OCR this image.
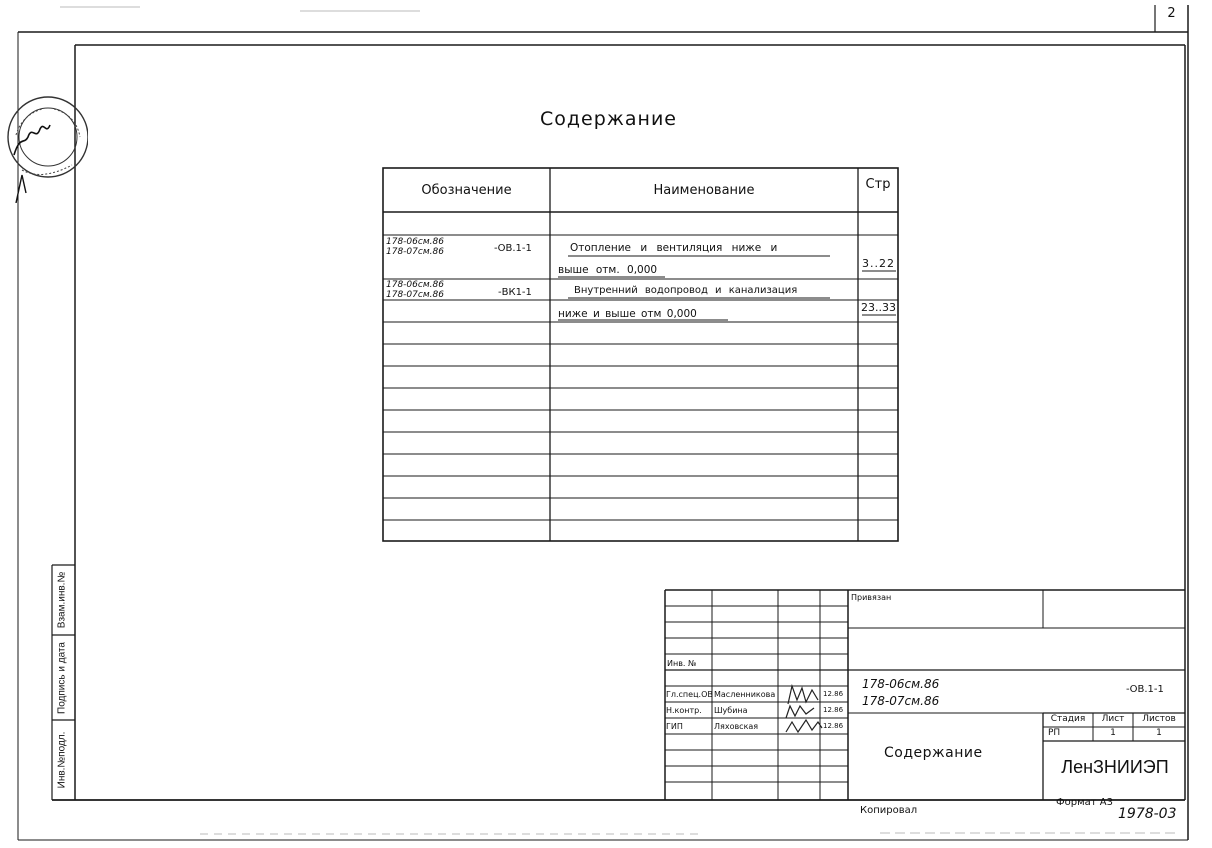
2
Содержание
Обозначение	Наименование	Стр
178-06см.86
178-07см.86	-ОВ.1-1	Отопление и вентиляция ниже и
выше отм. 0,000	3..22
178-06см.86
178-07см.86	-ВК1-1	Внутренний водопровод и канализация
ниже и выше отм 0,000	23..33
Инв.№подл.
Подпись и дата
Взам.инв.№	Привязан
Инв. №
Гл.спец.ОВ Масленникова	12.86
Н.контр. Шубина	12.86
ГИП	Ляховская	12.86
178-06см.86
178-07см.86
-ОВ.1-1
Стадия	Лист	Листов
РП	1	1
Содержание
ЛенЗНИИЭП
Копировал
Формат А3
1978-03
